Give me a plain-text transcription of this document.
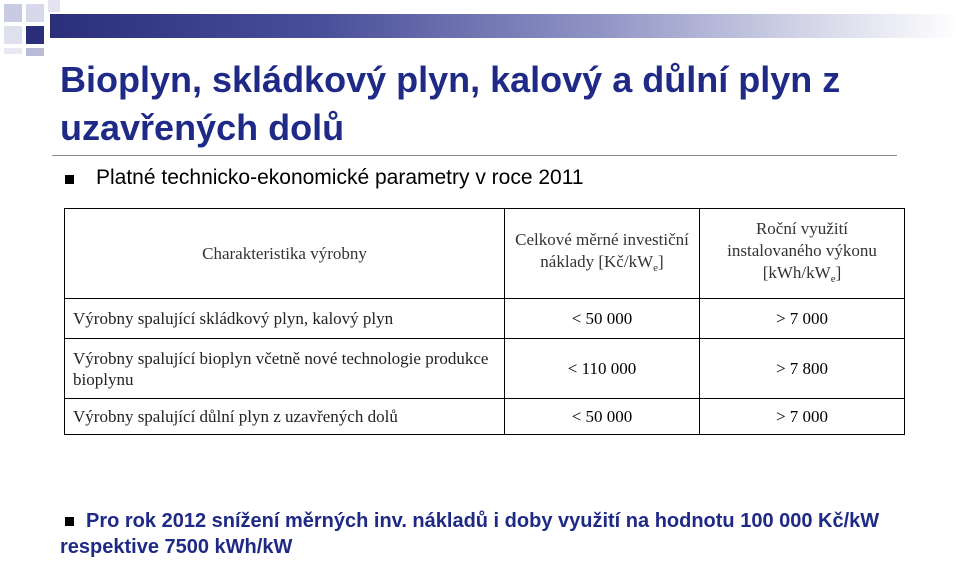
Bioplyn, skládkový plyn, kalový a důlní plyn z uzavřených dolů
Platné technicko-ekonomické parametry v roce 2011
Charakteristika výrobny	Celkové měrné investiční náklady $[Kč/kW_e]$	Roční využití instalovaného výkonu $[kWh/kW_e]$
Výrobny spalující skládkový plyn, kalový plyn	< 50 000	> 7 000
Výrobny spalující bioplyn včetně nové technologie produkce bioplynu	< 110 000	> 7 800
Výrobny spalující důlní plyn z uzavřených dolů	< 50 000	> 7 000
Pro rok 2012 snížení měrných inv. nákladů i doby využití na hodnotu 100 000 Kč/kW respektive 7500 kWh/kW
